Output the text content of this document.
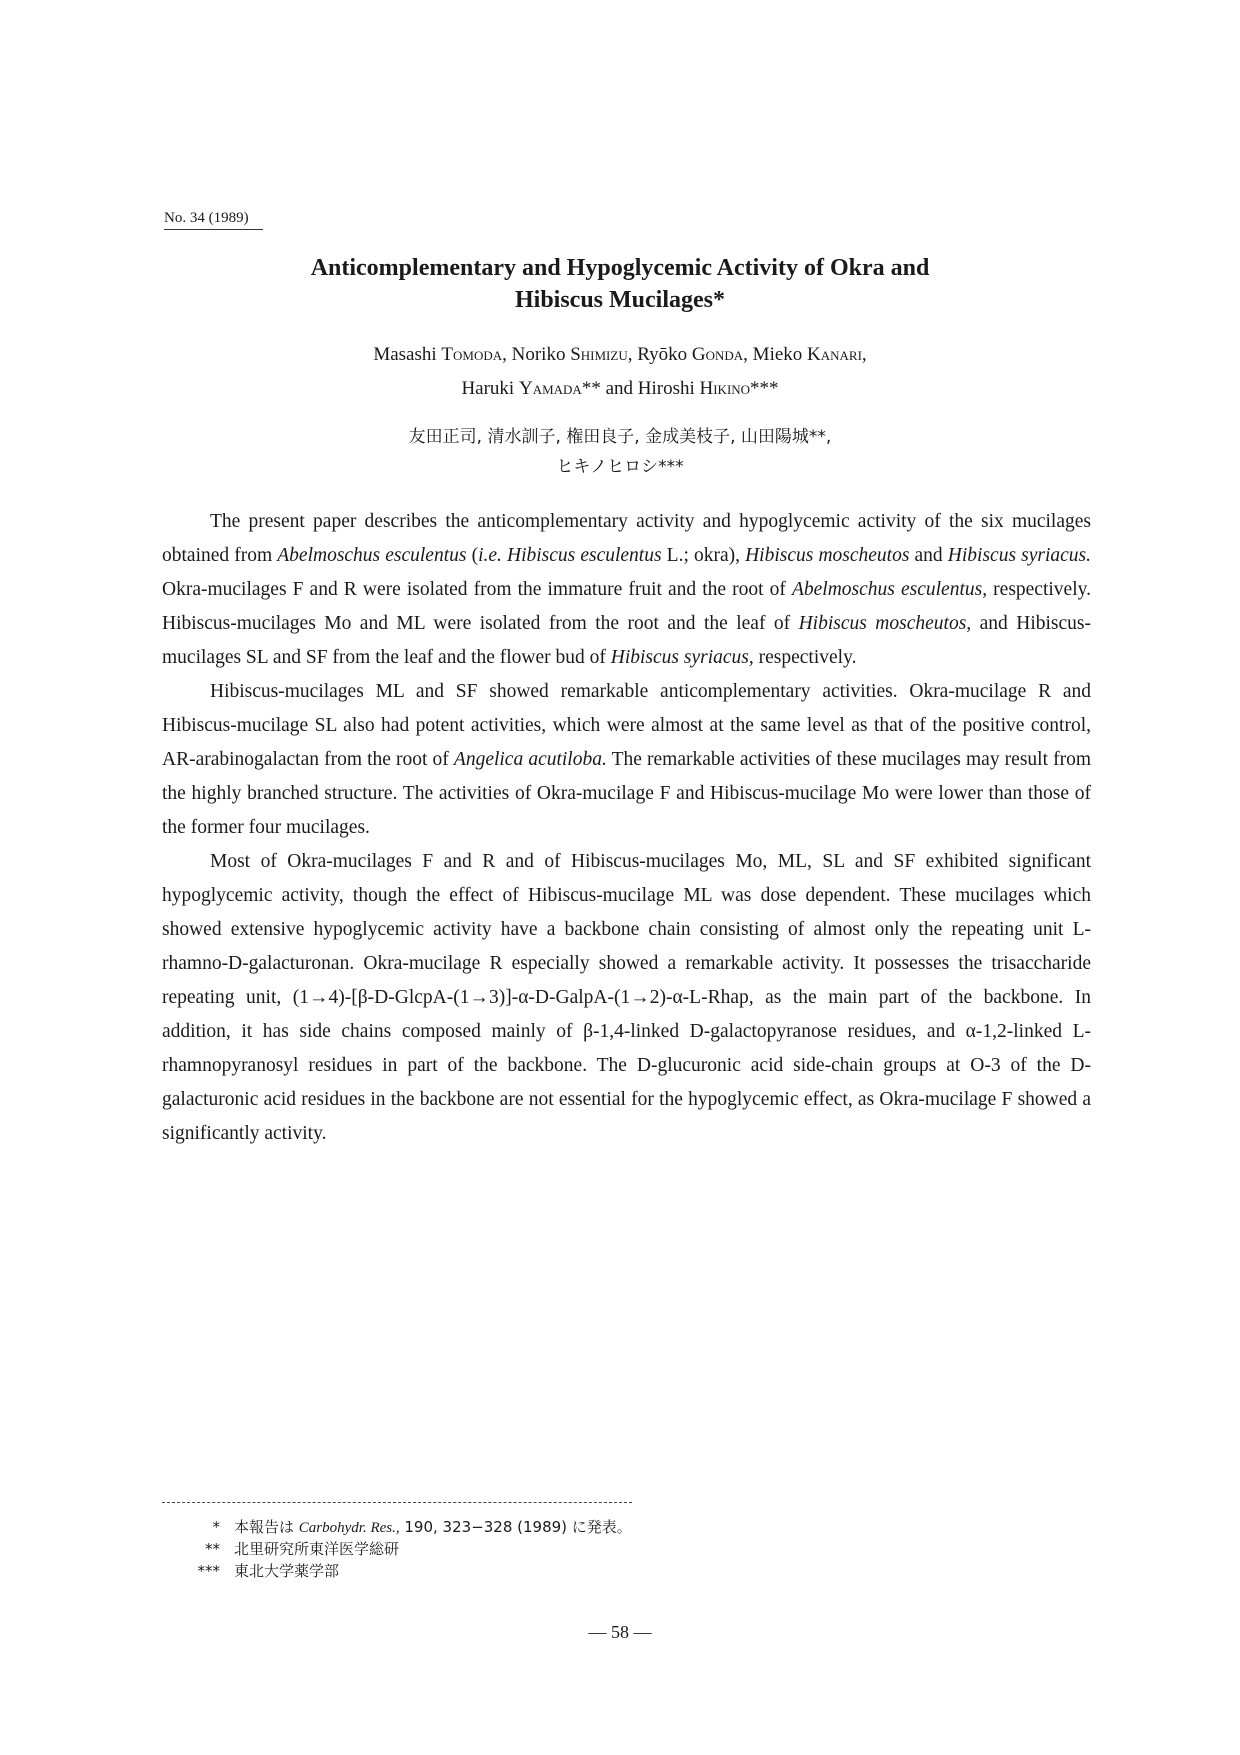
No. 34 (1989)
Anticomplementary and Hypoglycemic Activity of Okra and
Hibiscus Mucilages*
Masashi Tomoda, Noriko Shimizu, Ryōko Gonda, Mieko Kanari,
Haruki Yamada** and Hiroshi Hikino***
友田正司, 清水訓子, 権田良子, 金成美枝子, 山田陽城**,
ヒキノヒロシ***

The present paper describes the anticomplementary activity and hypoglycemic activity of the six mucilages obtained from Abelmoschus esculentus (i.e. Hibiscus esculentus L.; okra), Hibiscus moscheutos and Hibiscus syriacus. Okra-mucilages F and R were isolated from the immature fruit and the root of Abelmoschus esculentus, respectively. Hibiscus-mucilages Mo and ML were isolated from the root and the leaf of Hibiscus moscheutos, and Hibiscus-mucilages SL and SF from the leaf and the flower bud of Hibiscus syriacus, respectively.

Hibiscus-mucilages ML and SF showed remarkable anticomplementary activities. Okra-mucilage R and Hibiscus-mucilage SL also had potent activities, which were almost at the same level as that of the positive control, AR-arabinogalactan from the root of Angelica acutiloba. The remarkable activities of these mucilages may result from the highly branched structure. The activities of Okra-mucilage F and Hibiscus-mucilage Mo were lower than those of the former four mucilages.

Most of Okra-mucilages F and R and of Hibiscus-mucilages Mo, ML, SL and SF exhibited significant hypoglycemic activity, though the effect of Hibiscus-mucilage ML was dose dependent. These mucilages which showed extensive hypoglycemic activity have a backbone chain consisting of almost only the repeating unit L-rhamno-D-galacturonan. Okra-mucilage R especially showed a remarkable activity. It possesses the trisaccharide repeating unit, (1→4)-[β-D-GlcpA-(1→3)]-α-D-GalpA-(1→2)-α-L-Rhap, as the main part of the backbone. In addition, it has side chains composed mainly of β-1,4-linked D-galactopyranose residues, and α-1,2-linked L-rhamnopyranosyl residues in part of the backbone. The D-glucuronic acid side-chain groups at O-3 of the D-galacturonic acid residues in the backbone are not essential for the hypoglycemic effect, as Okra-mucilage F showed a significantly activity.

* 本報告は Carbohydr. Res., 190, 323−328 (1989) に発表。
** 北里研究所東洋医学総研
*** 東北大学薬学部
— 58 —
